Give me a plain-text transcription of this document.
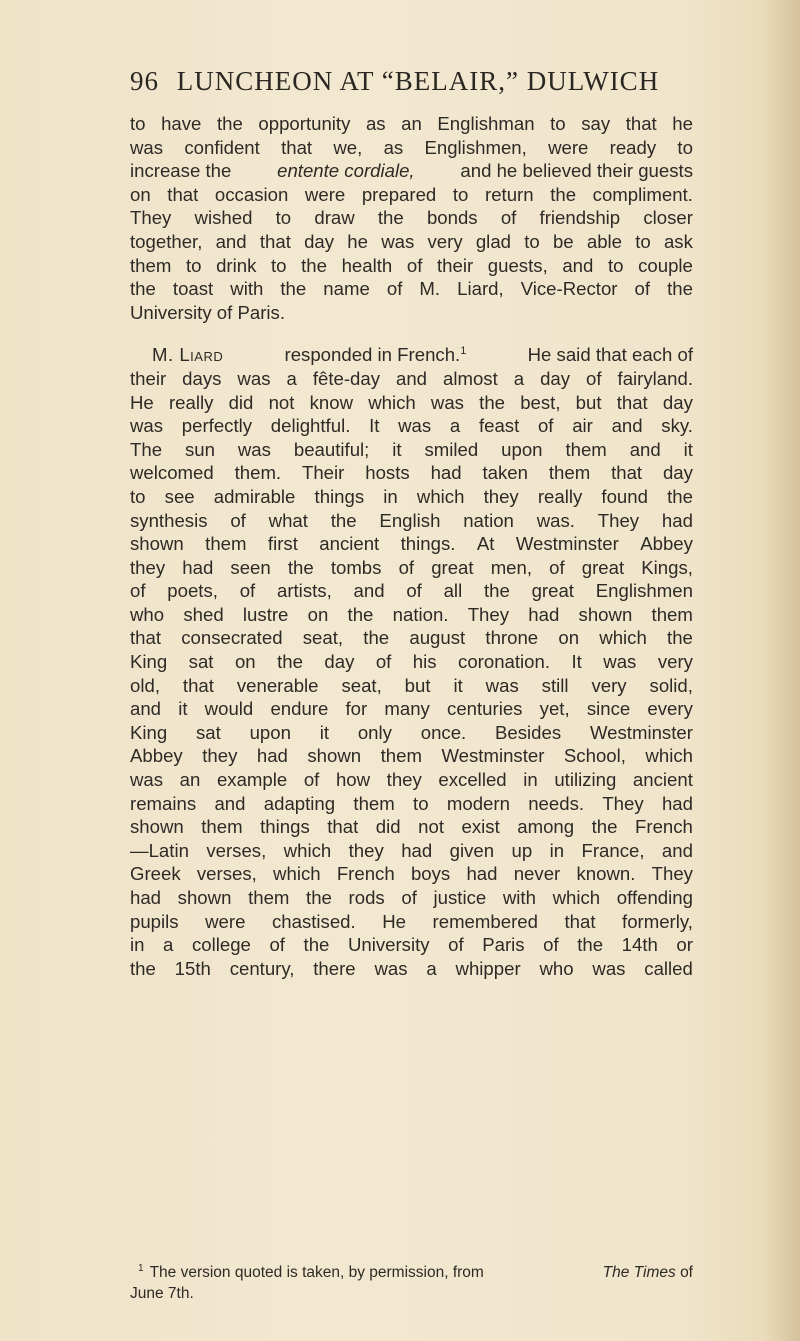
96 LUNCHEON AT “BELAIR,” DULWICH
to have the opportunity as an Englishman to say that he
was confident that we, as Englishmen, were ready to
increase the entente cordiale, and he believed their guests
on that occasion were prepared to return the compliment.
They wished to draw the bonds of friendship closer
together, and that day he was very glad to be able to ask
them to drink to the health of their guests, and to couple
the toast with the name of M. Liard, Vice-Rector of the
University of Paris.
M. Liard	responded in French.$^1$	He said that each of
their days was a fête-day and almost a day of fairyland.
He really did not know which was the best, but that day
was perfectly delightful. It was a feast of air and sky.
The sun was beautiful; it smiled upon them and it
welcomed them. Their hosts had taken them that day
to see admirable things in which they really found the
synthesis of what the English nation was. They had
shown them first ancient things. At Westminster Abbey
they had seen the tombs of great men, of great Kings,
of poets, of artists, and of all the great Englishmen
who shed lustre on the nation. They had shown them
that consecrated seat, the august throne on which the
King sat on the day of his coronation. It was very
old, that venerable seat, but it was still very solid,
and it would endure for many centuries yet, since every
King sat upon it only once. Besides Westminster
Abbey they had shown them Westminster School, which
was an example of how they excelled in utilizing ancient
remains and adapting them to modern needs. They had
shown them things that did not exist among the French
—Latin verses, which they had given up in France, and
Greek verses, which French boys had never known. They
had shown them the rods of justice with which offending
pupils were chastised. He remembered that formerly,
in a college of the University of Paris of the 14th or
the 15th century, there was a whipper who was called
$^1$ The version quoted is taken, by permission, from	The Times of
June 7th.
